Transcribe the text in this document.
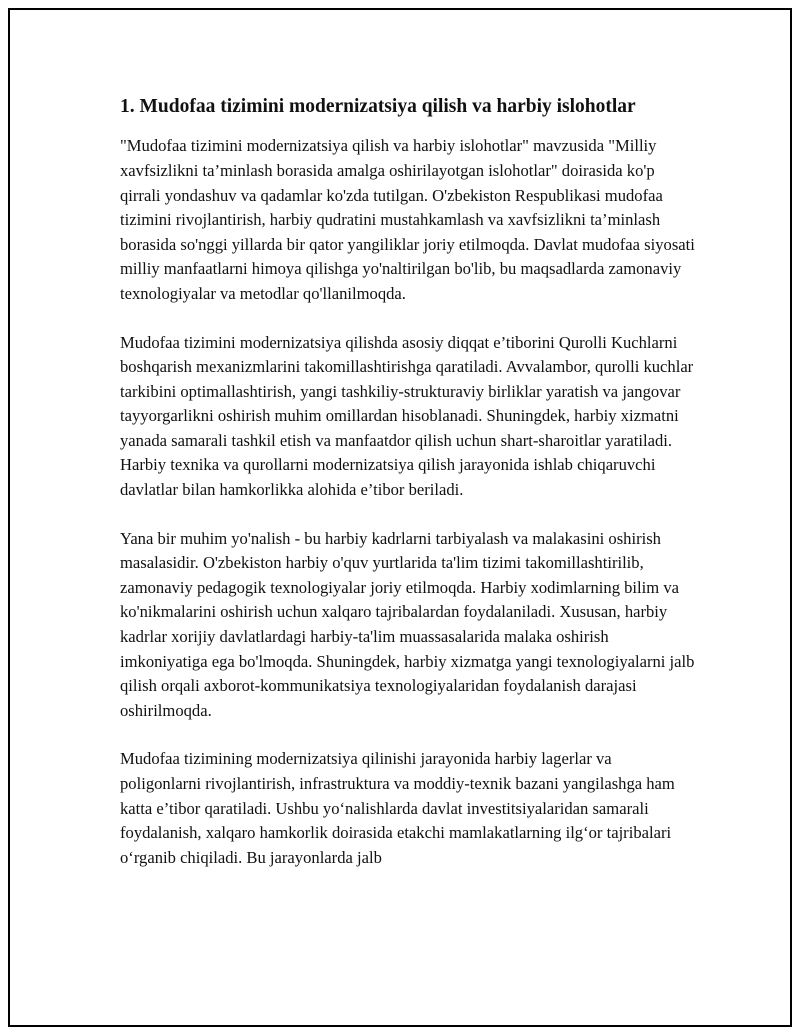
1. Mudofaa tizimini modernizatsiya qilish va harbiy islohotlar

"Mudofaa tizimini modernizatsiya qilish va harbiy islohotlar" mavzusida "Milliy xavfsizlikni ta’minlash borasida amalga oshirilayotgan islohotlar" doirasida ko'p qirrali yondashuv va qadamlar ko'zda tutilgan. O'zbekiston Respublikasi mudofaa tizimini rivojlantirish, harbiy qudratini mustahkamlash va xavfsizlikni ta’minlash borasida so'nggi yillarda bir qator yangiliklar joriy etilmoqda. Davlat mudofaa siyosati milliy manfaatlarni himoya qilishga yo'naltirilgan bo'lib, bu maqsadlarda zamonaviy texnologiyalar va metodlar qo'llanilmoqda.

Mudofaa tizimini modernizatsiya qilishda asosiy diqqat e’tiborini Qurolli Kuchlarni boshqarish mexanizmlarini takomillashtirishga qaratiladi. Avvalambor, qurolli kuchlar tarkibini optimallashtirish, yangi tashkiliy-strukturaviy birliklar yaratish va jangovar tayyorgarlikni oshirish muhim omillardan hisoblanadi. Shuningdek, harbiy xizmatni yanada samarali tashkil etish va manfaatdor qilish uchun shart-sharoitlar yaratiladi. Harbiy texnika va qurollarni modernizatsiya qilish jarayonida ishlab chiqaruvchi davlatlar bilan hamkorlikka alohida e’tibor beriladi.

Yana bir muhim yo'nalish - bu harbiy kadrlarni tarbiyalash va malakasini oshirish masalasidir. O'zbekiston harbiy o'quv yurtlarida ta'lim tizimi takomillashtirilib, zamonaviy pedagogik texnologiyalar joriy etilmoqda. Harbiy xodimlarning bilim va ko'nikmalarini oshirish uchun xalqaro tajribalardan foydalaniladi. Xususan, harbiy kadrlar xorijiy davlatlardagi harbiy-ta'lim muassasalarida malaka oshirish imkoniyatiga ega bo'lmoqda. Shuningdek, harbiy xizmatga yangi texnologiyalarni jalb qilish orqali axborot-kommunikatsiya texnologiyalaridan foydalanish darajasi oshirilmoqda.

Mudofaa tizimining modernizatsiya qilinishi jarayonida harbiy lagerlar va poligonlarni rivojlantirish, infrastruktura va moddiy-texnik bazani yangilashga ham katta e’tibor qaratiladi. Ushbu yo‘nalishlarda davlat investitsiyalaridan samarali foydalanish, xalqaro hamkorlik doirasida etakchi mamlakatlarning ilg‘or tajribalari o‘rganib chiqiladi. Bu jarayonlarda jalb
